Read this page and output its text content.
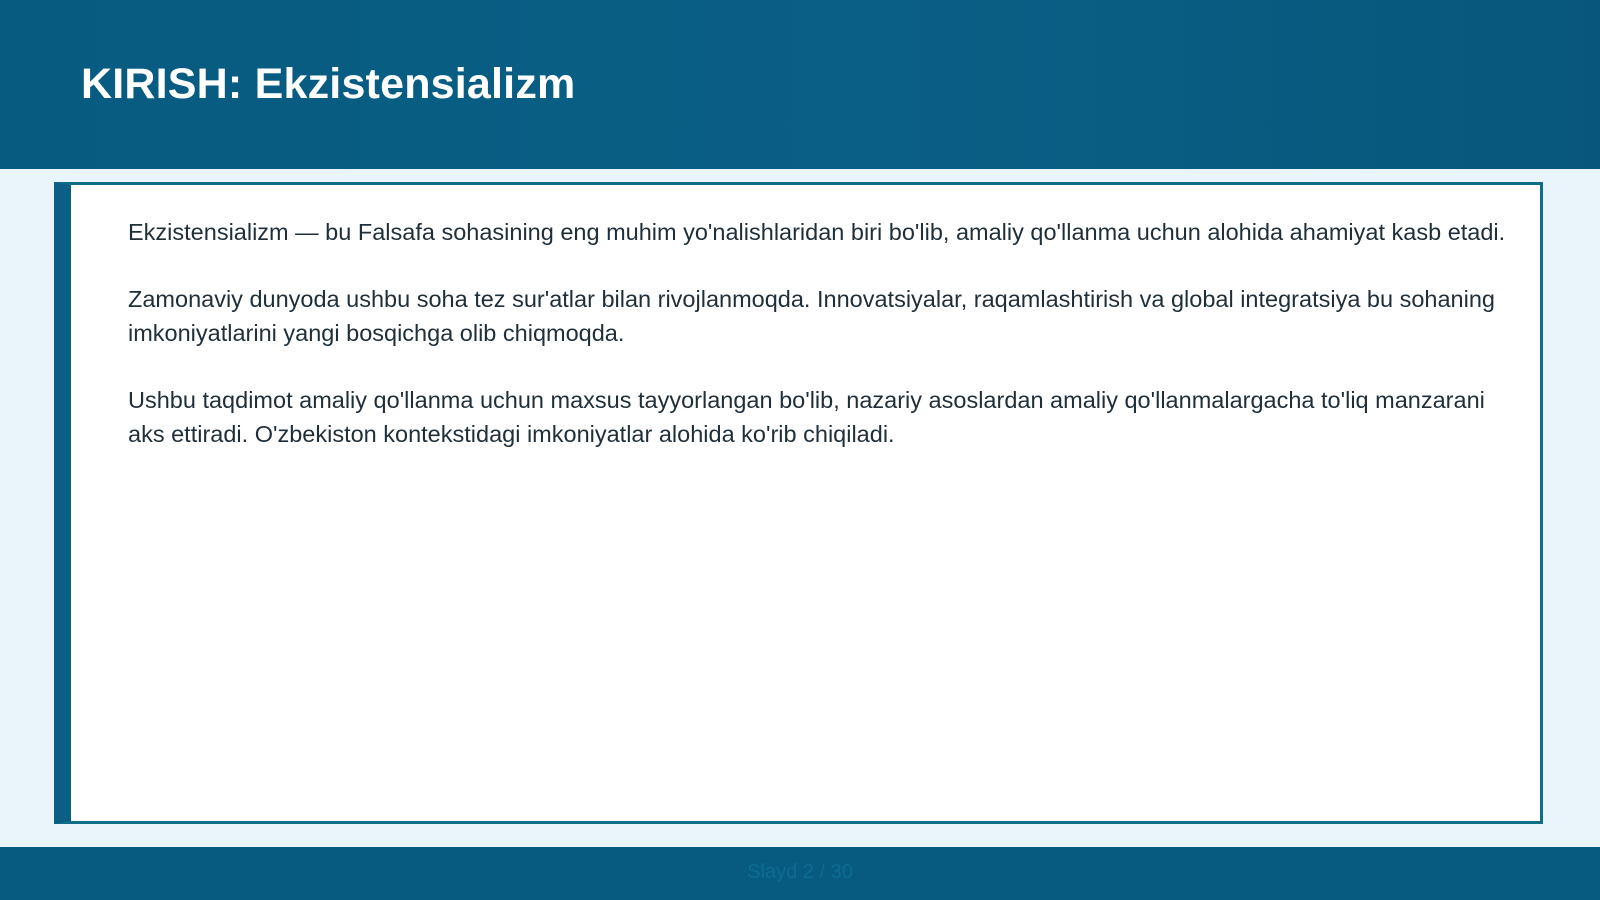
KIRISH: Ekzistensializm

Ekzistensializm — bu Falsafa sohasining eng muhim yo'nalishlaridan biri bo'lib, amaliy qo'llanma uchun alohida ahamiyat kasb etadi.

Zamonaviy dunyoda ushbu soha tez sur'atlar bilan rivojlanmoqda. Innovatsiyalar, raqamlashtirish va global integratsiya bu sohaning imkoniyatlarini yangi bosqichga olib chiqmoqda.

Ushbu taqdimot amaliy qo'llanma uchun maxsus tayyorlangan bo'lib, nazariy asoslardan amaliy qo'llanmalargacha to'liq manzarani aks ettiradi. O'zbekiston kontekstidagi imkoniyatlar alohida ko'rib chiqiladi.

Slayd 2 / 30
